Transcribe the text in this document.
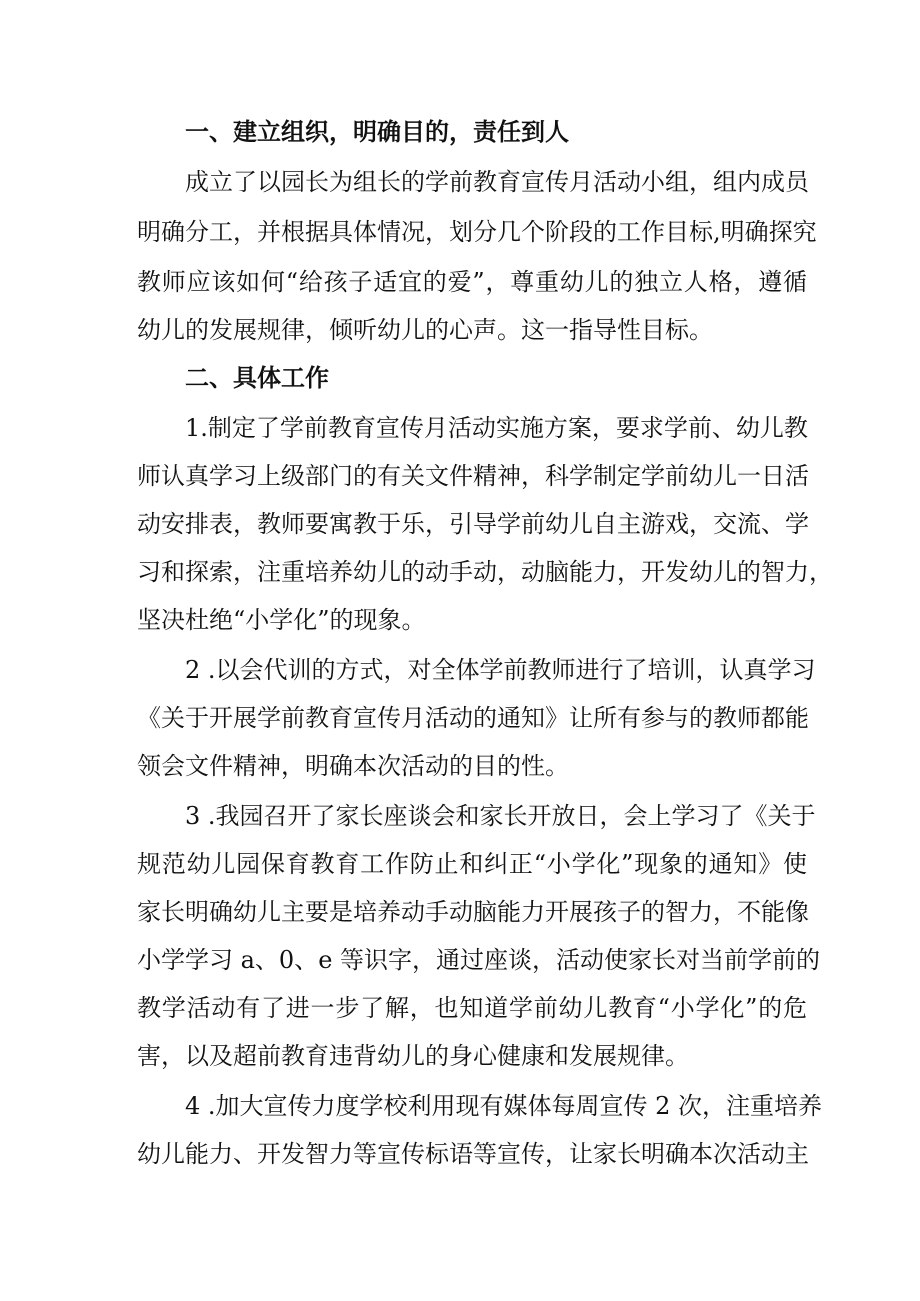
一、建立组织，明确目的，责任到人
成立了以园长为组长的学前教育宣传月活动小组，组内成员
明确分工，并根据具体情况，划分几个阶段的工作目标,明确探究
教师应该如何“给孩子适宜的爱”，尊重幼儿的独立人格，遵循
幼儿的发展规律，倾听幼儿的心声。这一指导性目标。
二、具体工作
1.制定了学前教育宣传月活动实施方案，要求学前、幼儿教
师认真学习上级部门的有关文件精神，科学制定学前幼儿一日活
动安排表，教师要寓教于乐，引导学前幼儿自主游戏，交流、学
习和探索，注重培养幼儿的动手动，动脑能力，开发幼儿的智力，
坚决杜绝“小学化”的现象。
2 .以会代训的方式，对全体学前教师进行了培训，认真学习
《关于开展学前教育宣传月活动的通知》让所有参与的教师都能
领会文件精神，明确本次活动的目的性。
3 .我园召开了家长座谈会和家长开放日，会上学习了《关于
规范幼儿园保育教育工作防止和纠正“小学化”现象的通知》使
家长明确幼儿主要是培养动手动脑能力开展孩子的智力，不能像
小学学习 a、0、e 等识字，通过座谈，活动使家长对当前学前的
教学活动有了进一步了解，也知道学前幼儿教育“小学化”的危
害，以及超前教育违背幼儿的身心健康和发展规律。
4 .加大宣传力度学校利用现有媒体每周宣传 2 次，注重培养
幼儿能力、开发智力等宣传标语等宣传，让家长明确本次活动主
